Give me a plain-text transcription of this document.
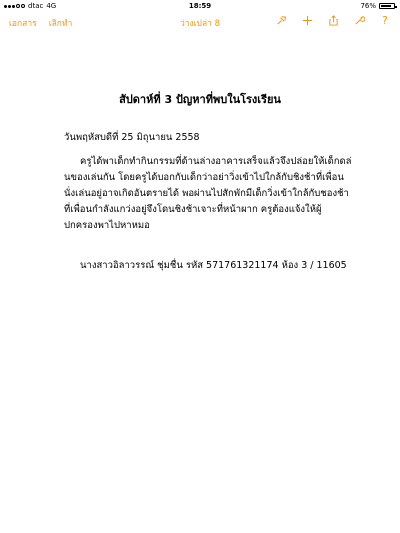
dtac 4G	18:59	76%
เอกสาร เลิกทำ	ว่างเปล่า 8	?
สัปดาห์ที่ 3 ปัญหาที่พบในโรงเรียน
วันพฤหัสบดีที่ 25 มิถุนายน 2558
ครูได้พาเด็กทำกินกรรมที่ด้านล่างอาคารเสร็จแล้วจึงปล่อยให้เด็กดล่นของเล่นกัน โดยครูได้บอกกับเด็กว่าอย่าวิ่งเข้าไปใกล้กับชิงช้าที่เพื่อนนั่งเล่นอยู่อาจเกิดอันตรายได้ พอผ่านไปสักพักมีเด็กวิ่งเข้าใกล้กับชองช้าที่เพื่อนกำลังแกว่งอยู่จึงโดนชิงช้าเจาะที่หน้าผาก ครูต้องแจ้งให้ผู้ปกครองพาไปหาหมอ
นางสาวอิลาวรรณ์ ชุ่มชื่น รหัส 571761321174 ห้อง 3 / 11605
